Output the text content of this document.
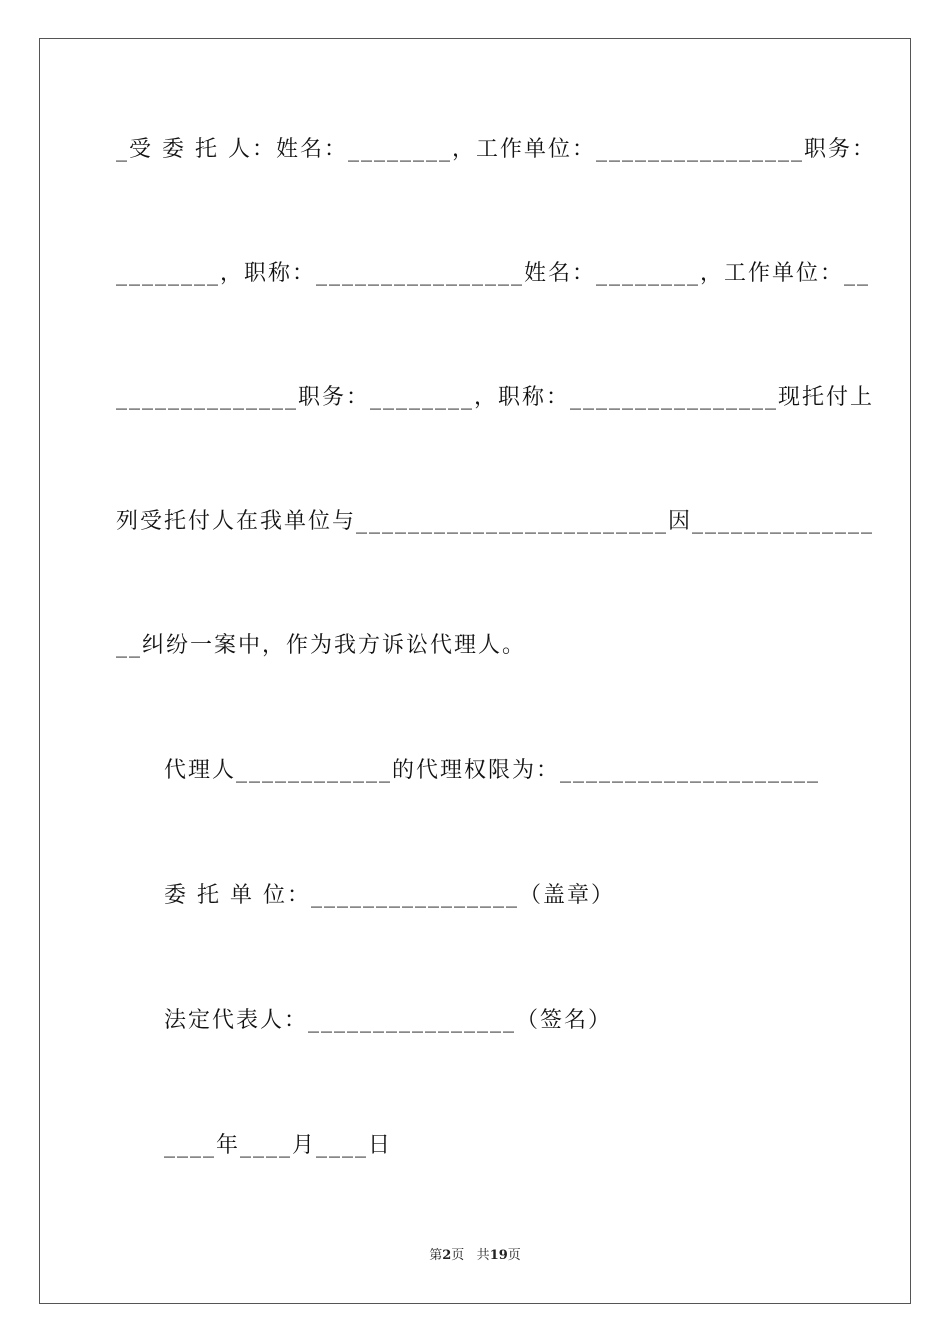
_受 委 托 人：姓名：________，工作单位：________________职务：
________，职称：________________姓名：________，工作单位：__
______________职务：________，职称：________________现托付上
列受托付人在我单位与________________________因______________
__纠纷一案中，作为我方诉讼代理人。
代理人____________的代理权限为：____________________
委 托 单 位：________________（盖章）
法定代表人：________________（签名）
____年____月____日
第2页 共19页
